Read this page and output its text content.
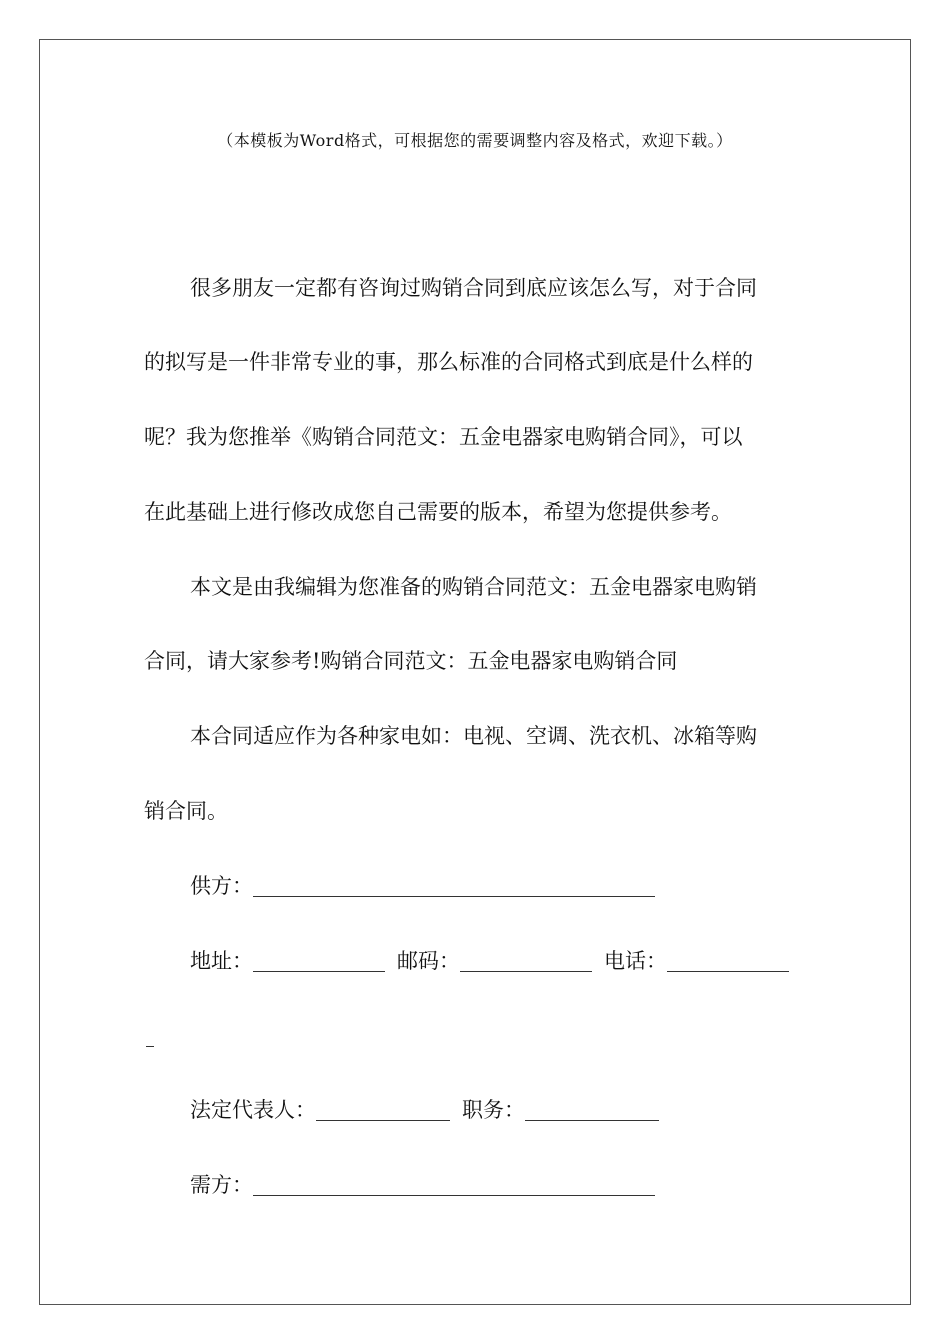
（本模板为Word格式，可根据您的需要调整内容及格式，欢迎下载。）
很多朋友一定都有咨询过购销合同到底应该怎么写，对于合同
的拟写是一件非常专业的事，那么标准的合同格式到底是什么样的
呢？我为您推举《购销合同范文：五金电器家电购销合同》，可以
在此基础上进行修改成您自己需要的版本，希望为您提供参考。
本文是由我编辑为您准备的购销合同范文：五金电器家电购销
合同，请大家参考!购销合同范文：五金电器家电购销合同
本合同适应作为各种家电如：电视、空调、洗衣机、冰箱等购
销合同。
供方：
地址：	邮码：	电话：
法定代表人：	职务：
需方：
